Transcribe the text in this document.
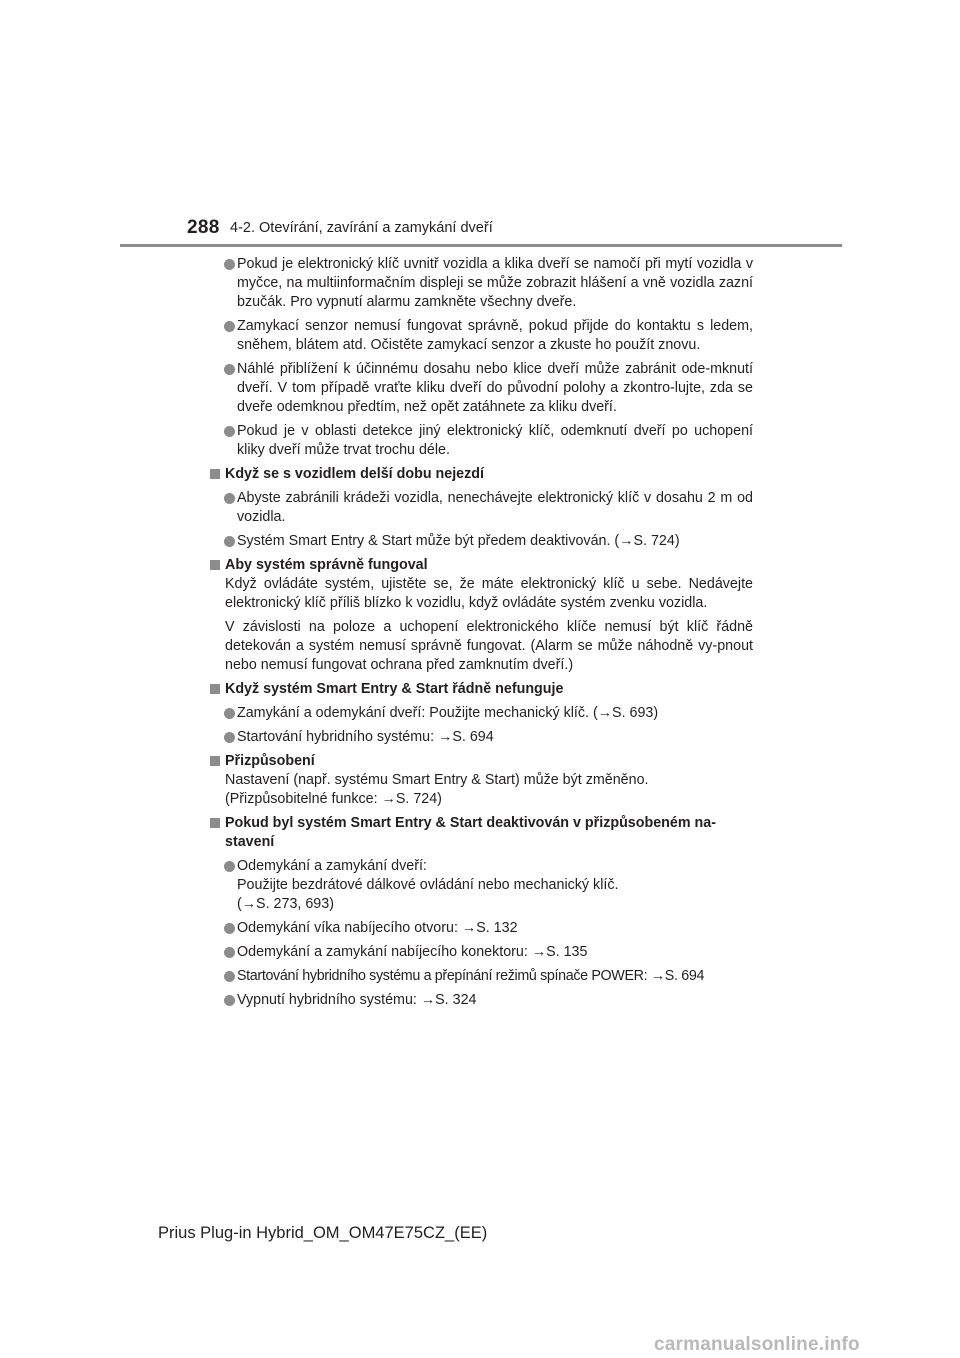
288 4-2. Otevírání, zavírání a zamykání dveří
Pokud je elektronický klíč uvnitř vozidla a klika dveří se namočí při mytí vozidla v myčce, na multiinformačním displeji se může zobrazit hlášení a vně vozidla zazní bzučák. Pro vypnutí alarmu zamkněte všechny dveře.
Zamykací senzor nemusí fungovat správně, pokud přijde do kontaktu s ledem, sněhem, blátem atd. Očistěte zamykací senzor a zkuste ho použít znovu.
Náhlé přiblížení k účinnému dosahu nebo klice dveří může zabránit ode-mknutí dveří. V tom případě vraťte kliku dveří do původní polohy a zkontro-lujte, zda se dveře odemknou předtím, než opět zatáhnete za kliku dveří.
Pokud je v oblasti detekce jiný elektronický klíč, odemknutí dveří po uchopení kliky dveří může trvat trochu déle.
Když se s vozidlem delší dobu nejezdí
Abyste zabránili krádeži vozidla, nenechávejte elektronický klíč v dosahu 2 m od vozidla.
Systém Smart Entry & Start může být předem deaktivován. (→S. 724)
Aby systém správně fungoval
Když ovládáte systém, ujistěte se, že máte elektronický klíč u sebe. Nedávejte elektronický klíč příliš blízko k vozidlu, když ovládáte systém zvenku vozidla.
V závislosti na poloze a uchopení elektronického klíče nemusí být klíč řádně detekován a systém nemusí správně fungovat. (Alarm se může náhodně vy-pnout nebo nemusí fungovat ochrana před zamknutím dveří.)
Když systém Smart Entry & Start řádně nefunguje
Zamykání a odemykání dveří: Použijte mechanický klíč. (→S. 693)
Startování hybridního systému: →S. 694
Přizpůsobení
Nastavení (např. systému Smart Entry & Start) může být změněno.
(Přizpůsobitelné funkce: →S. 724)
Pokud byl systém Smart Entry & Start deaktivován v přizpůsobeném na-stavení
Odemykání a zamykání dveří:
Použijte bezdrátové dálkové ovládání nebo mechanický klíč.
(→S. 273, 693)
Odemykání víka nabíjecího otvoru: →S. 132
Odemykání a zamykání nabíjecího konektoru: →S. 135
Startování hybridního systému a přepínání režimů spínače POWER: →S. 694
Vypnutí hybridního systému: →S. 324
Prius Plug-in Hybrid_OM_OM47E75CZ_(EE)
carmanualsonline.info
